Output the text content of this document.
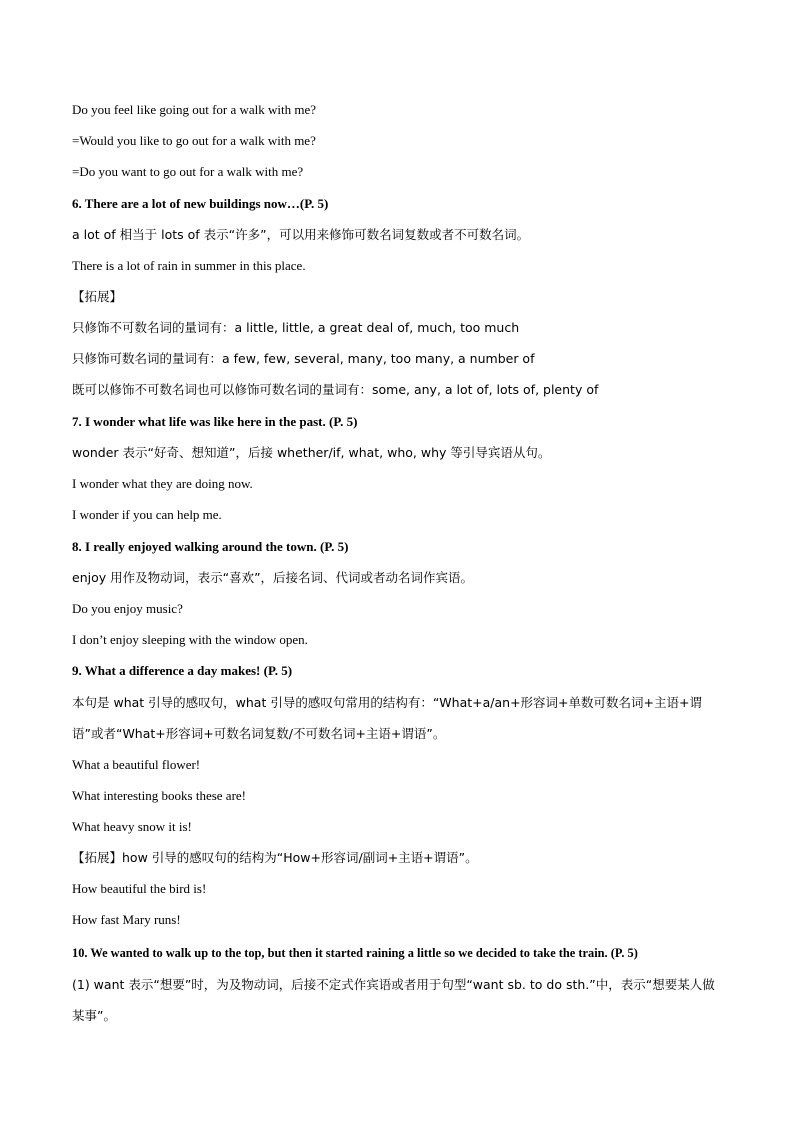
Do you feel like going out for a walk with me?
=Would you like to go out for a walk with me?
=Do you want to go out for a walk with me?
6. There are a lot of new buildings now…(P. 5)
a lot of 相当于 lots of 表示“许多”，可以用来修饰可数名词复数或者不可数名词。
There is a lot of rain in summer in this place.
【拓展】
只修饰不可数名词的量词有：a little, little, a great deal of, much, too much
只修饰可数名词的量词有：a few, few, several, many, too many, a number of
既可以修饰不可数名词也可以修饰可数名词的量词有：some, any, a lot of, lots of, plenty of
7. I wonder what life was like here in the past. (P. 5)
wonder 表示“好奇、想知道”，后接 whether/if, what, who, why 等引导宾语从句。
I wonder what they are doing now.
I wonder if you can help me.
8. I really enjoyed walking around the town. (P. 5)
enjoy 用作及物动词，表示“喜欢”，后接名词、代词或者动名词作宾语。
Do you enjoy music?
I don’t enjoy sleeping with the window open.
9. What a difference a day makes! (P. 5)
本句是 what 引导的感叹句，what 引导的感叹句常用的结构有：“What+a/an+形容词+单数可数名词+主语+谓语”或者“What+形容词+可数名词复数/不可数名词+主语+谓语”。
What a beautiful flower!
What interesting books these are!
What heavy snow it is!
【拓展】how 引导的感叹句的结构为“How+形容词/副词+主语+谓语”。
How beautiful the bird is!
How fast Mary runs!
10. We wanted to walk up to the top, but then it started raining a little so we decided to take the train. (P. 5)
(1) want 表示“想要”时，为及物动词，后接不定式作宾语或者用于句型“want sb. to do sth.”中，表示“想要某人做某事”。
